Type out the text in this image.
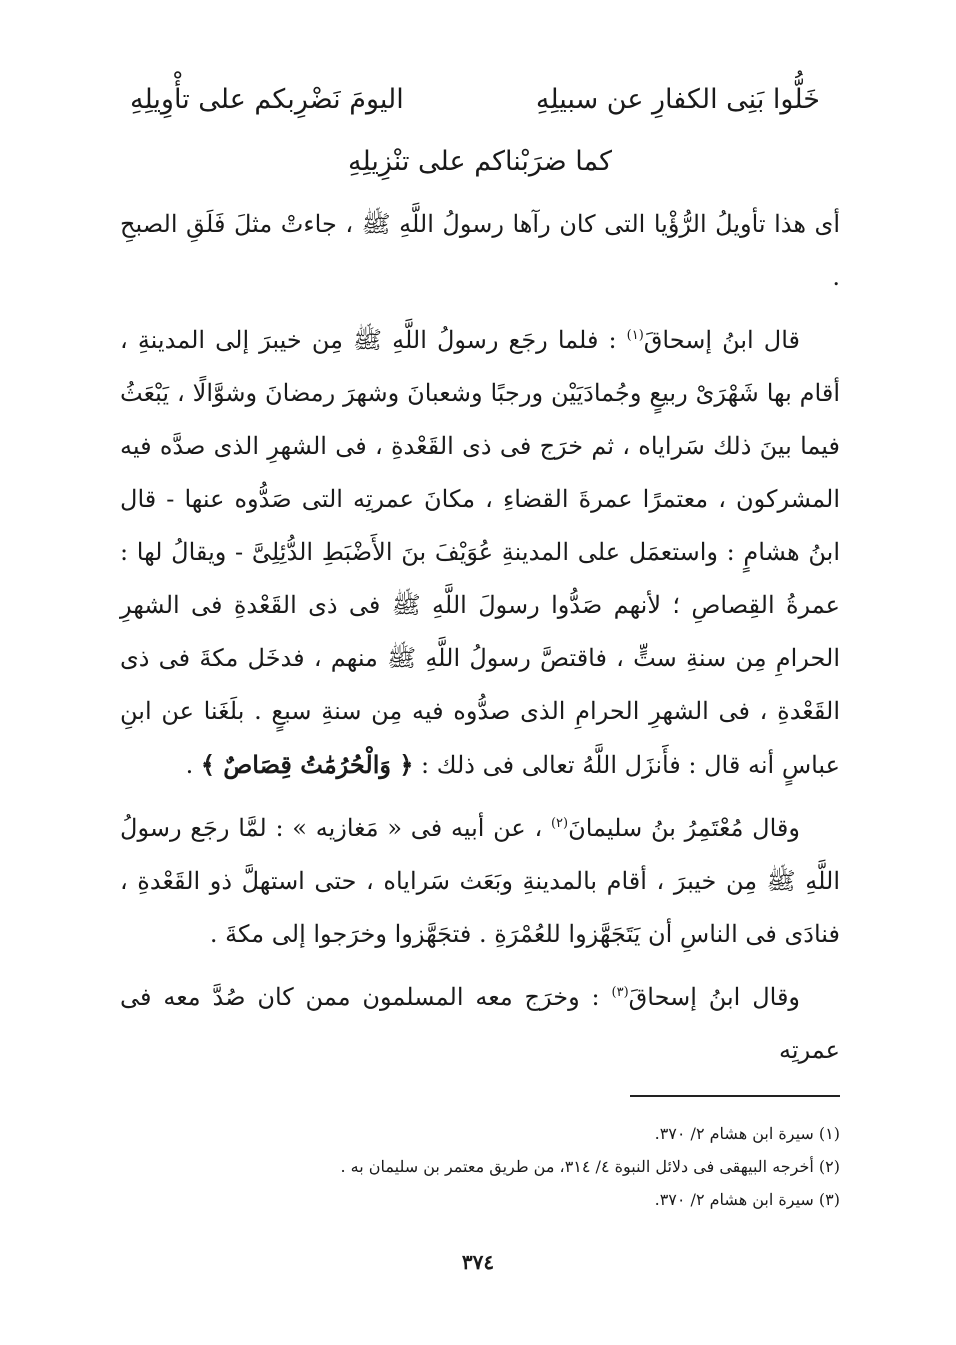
خَلُّوا بَنِى الكفارِ عن سبيلِهِ
اليومَ نَضْرِبكم على تأْوِيلِهِ
كما ضرَبْناكم على تنْزِيلِهِ

أى هذا تأويلُ الرُّؤْيا التى كان رآها رسولُ اللَّهِ ﷺ ، جاءتْ مثلَ فَلَقِ الصبحِ .

قال ابنُ إسحاقَ$^{(١)}$ : فلما رجَع رسولُ اللَّهِ ﷺ مِن خيبرَ إلى المدينةِ ، أقام بها شَهْرَىْ ربيعٍ وجُمادَيَيْن ورجبًا وشعبانَ وشهرَ رمضانَ وشوَّالًا ، يَبْعَثُ فيما بينَ ذلك سَراياه ، ثم خرَج فى ذى القَعْدةِ ، فى الشهرِ الذى صدَّه فيه المشركون ، معتمرًا عمرةَ القضاءِ ، مكانَ عمرتِه التى صَدُّوه عنها - قال ابنُ هشامٍ : واستعمَل على المدينةِ عُوَيْفَ بنَ الأَضْبَطِ الدُّئِلِىَّ - ويقالُ لها : عمرةُ القِصاصِ ؛ لأنهم صَدُّوا رسولَ اللَّهِ ﷺ فى ذى القَعْدةِ فى الشهرِ الحرامِ مِن سنةِ ستٍّ ، فاقتصَّ رسولُ اللَّهِ ﷺ منهم ، فدخَل مكةَ فى ذى القَعْدةِ ، فى الشهرِ الحرامِ الذى صدُّوه فيه مِن سنةِ سبعٍ . بلَغَنا عن ابنِ عباسٍ أنه قال : فأَنزَل اللَّهُ تعالى فى ذلك : ﴿ وَالْحُرُمَٰتُ قِصَاصٌ ﴾ .

وقال مُعْتَمِرُ بنُ سليمانَ$^{(٢)}$ ، عن أبيه فى « مَغازيه » : لمَّا رجَع رسولُ اللَّهِ ﷺ مِن خيبرَ ، أقام بالمدينةِ وبَعَث سَراياه ، حتى استهلَّ ذو القَعْدةِ ، فنادَى فى الناسِ أن يَتَجَهَّزوا للعُمْرَةِ . فتجَهَّزوا وخرَجوا إلى مكةَ .

وقال ابنُ إسحاقَ$^{(٣)}$ : وخرَج معه المسلمون ممن كان صُدَّ معه فى عمرتِه

(١) سيرة ابن هشام ٢/ ٣٧٠.
(٢) أخرجه البيهقى فى دلائل النبوة ٤/ ٣١٤، من طريق معتمر بن سليمان به .
(٣) سيرة ابن هشام ٢/ ٣٧٠.
٣٧٤
